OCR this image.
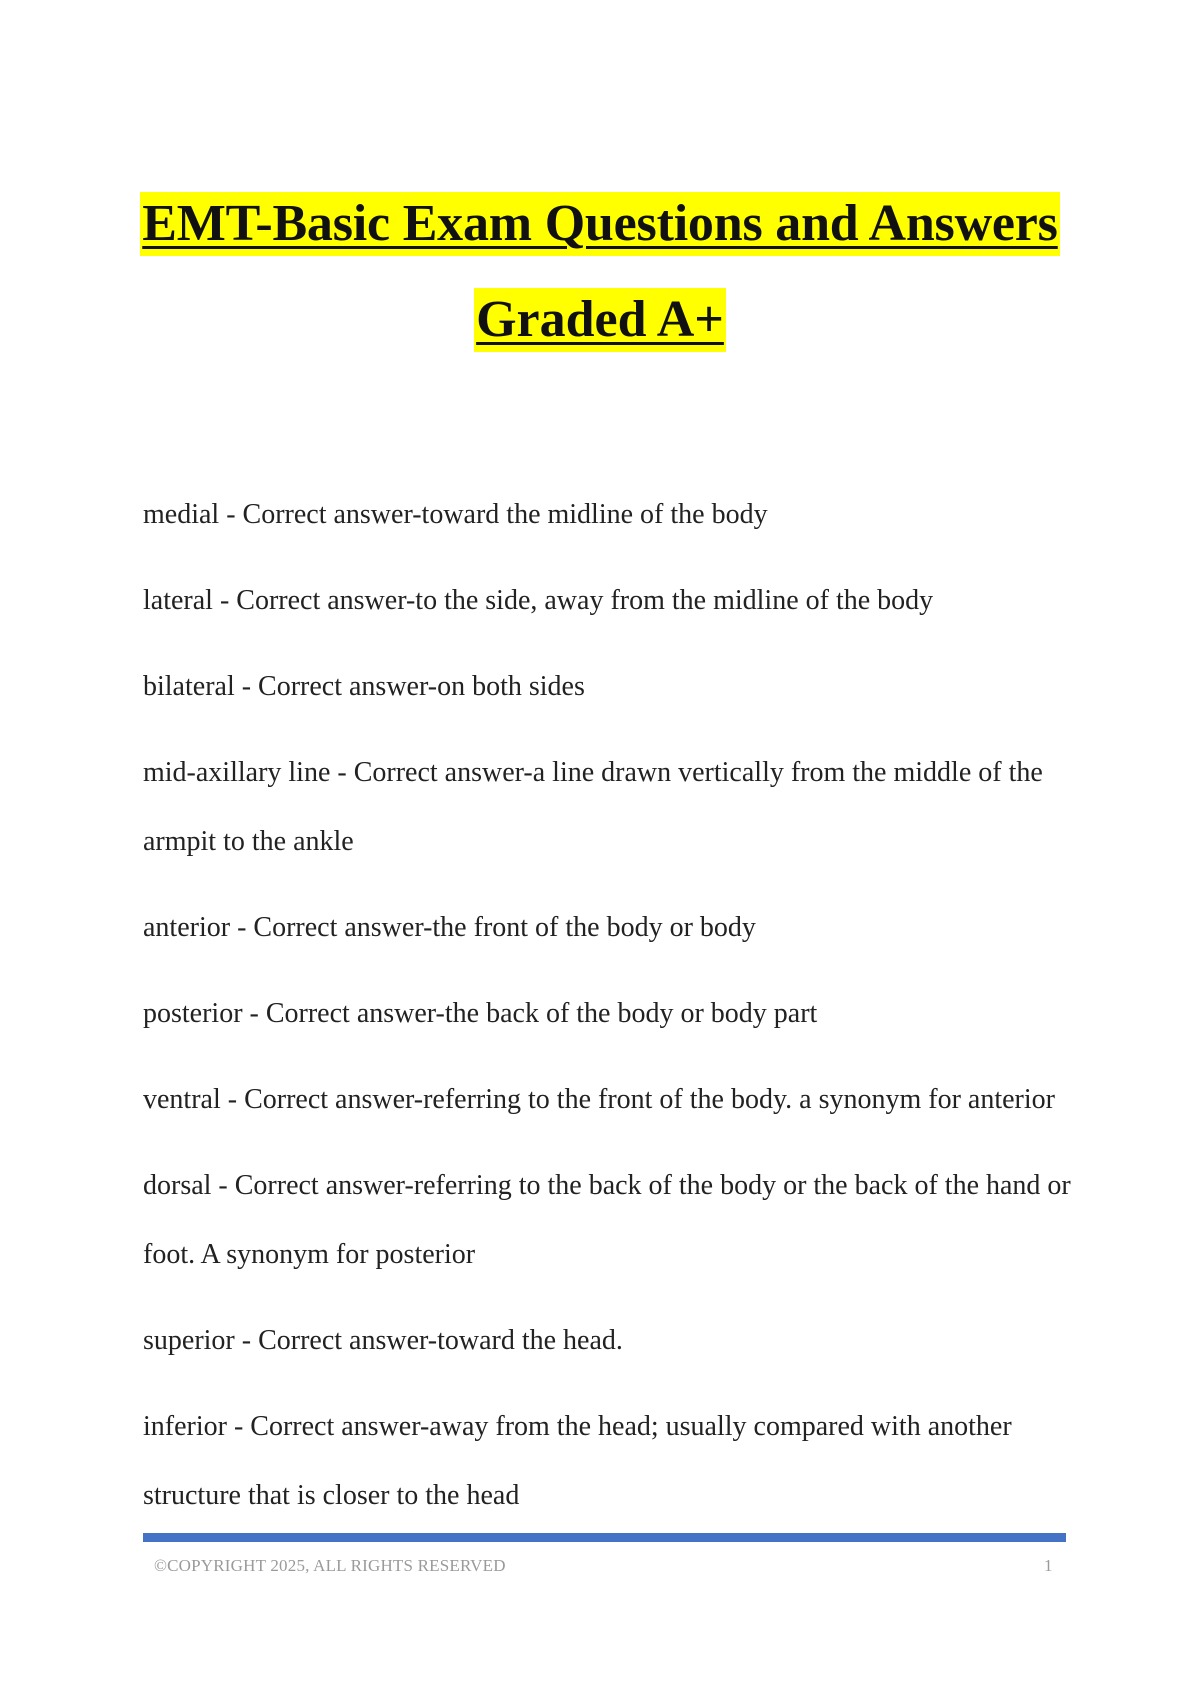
EMT-Basic Exam Questions and Answers
Graded A+
medial - Correct answer-toward the midline of the body
lateral - Correct answer-to the side, away from the midline of the body
bilateral - Correct answer-on both sides
mid-axillary line - Correct answer-a line drawn vertically from the middle of the armpit to the ankle
anterior - Correct answer-the front of the body or body
posterior - Correct answer-the back of the body or body part
ventral - Correct answer-referring to the front of the body. a synonym for anterior
dorsal - Correct answer-referring to the back of the body or the back of the hand or foot. A synonym for posterior
superior - Correct answer-toward the head.
inferior - Correct answer-away from the head; usually compared with another structure that is closer to the head
©COPYRIGHT 2025, ALL RIGHTS RESERVED	1
